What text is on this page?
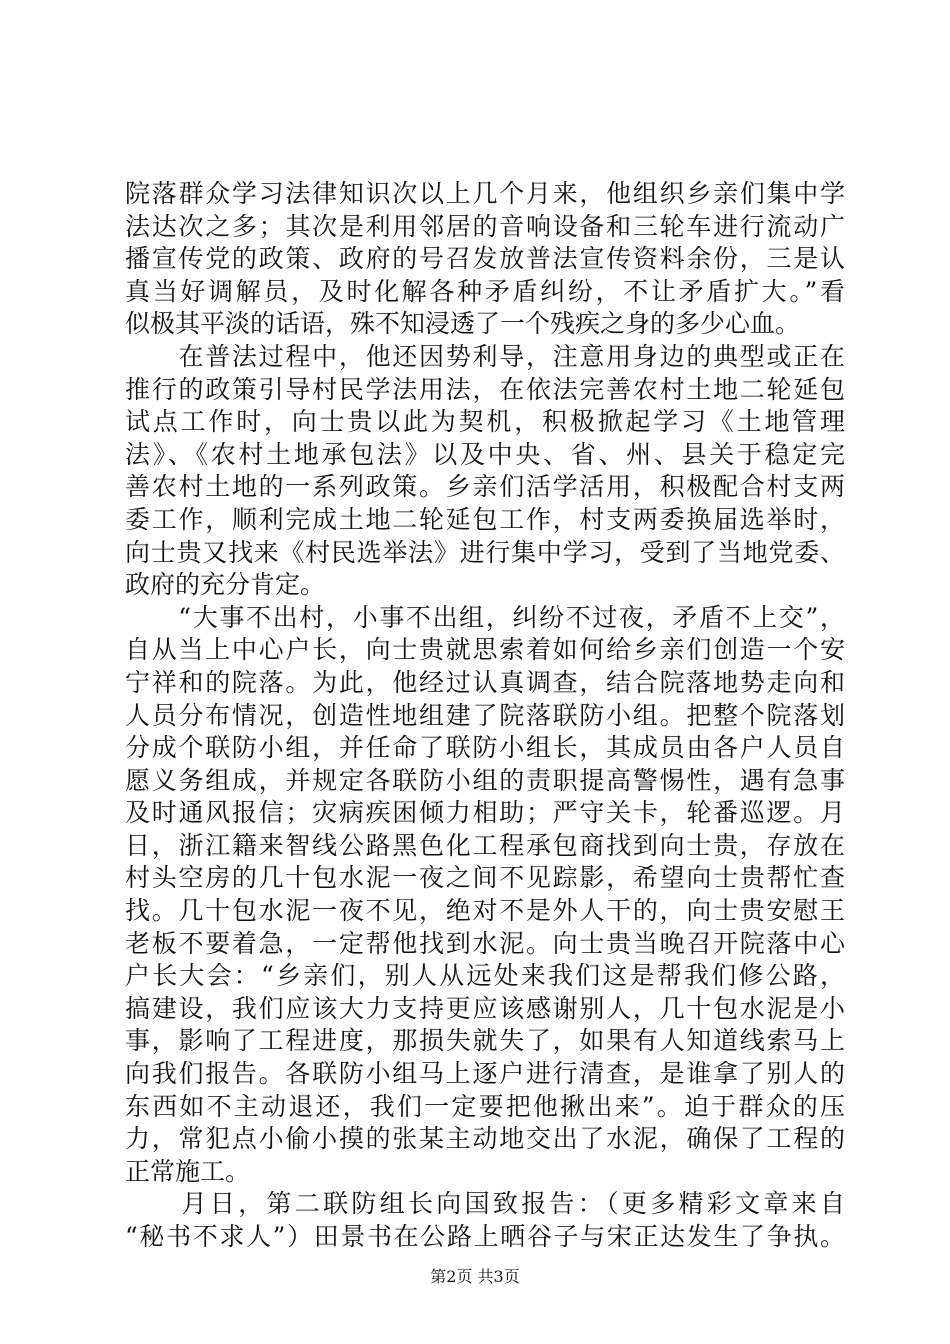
院落群众学习法律知识次以上几个月来，他组织乡亲们集中学
法达次之多；其次是利用邻居的音响设备和三轮车进行流动广
播宣传党的政策、政府的号召发放普法宣传资料余份，三是认
真当好调解员，及时化解各种矛盾纠纷，不让矛盾扩大。”看
似极其平淡的话语，殊不知浸透了一个残疾之身的多少心血。
　　在普法过程中，他还因势利导，注意用身边的典型或正在
推行的政策引导村民学法用法，在依法完善农村土地二轮延包
试点工作时，向士贵以此为契机，积极掀起学习《土地管理
法》、《农村土地承包法》以及中央、省、州、县关于稳定完
善农村土地的一系列政策。乡亲们活学活用，积极配合村支两
委工作，顺利完成土地二轮延包工作，村支两委换届选举时，
向士贵又找来《村民选举法》进行集中学习，受到了当地党委、
政府的充分肯定。
　　“大事不出村，小事不出组，纠纷不过夜，矛盾不上交”，
自从当上中心户长，向士贵就思索着如何给乡亲们创造一个安
宁祥和的院落。为此，他经过认真调查，结合院落地势走向和
人员分布情况，创造性地组建了院落联防小组。把整个院落划
分成个联防小组，并任命了联防小组长，其成员由各户人员自
愿义务组成，并规定各联防小组的责职提高警惕性，遇有急事
及时通风报信；灾病疾困倾力相助；严守关卡，轮番巡逻。月
日，浙江籍来智线公路黑色化工程承包商找到向士贵，存放在
村头空房的几十包水泥一夜之间不见踪影，希望向士贵帮忙查
找。几十包水泥一夜不见，绝对不是外人干的，向士贵安慰王
老板不要着急，一定帮他找到水泥。向士贵当晚召开院落中心
户长大会：“乡亲们，别人从远处来我们这是帮我们修公路，
搞建设，我们应该大力支持更应该感谢别人，几十包水泥是小
事，影响了工程进度，那损失就失了，如果有人知道线索马上
向我们报告。各联防小组马上逐户进行清查，是谁拿了别人的
东西如不主动退还，我们一定要把他揪出来”。迫于群众的压
力，常犯点小偷小摸的张某主动地交出了水泥，确保了工程的
正常施工。
　　月日，第二联防组长向国致报告：（更多精彩文章来自
“秘书不求人”）田景书在公路上晒谷子与宋正达发生了争执。
第2页 共3页
